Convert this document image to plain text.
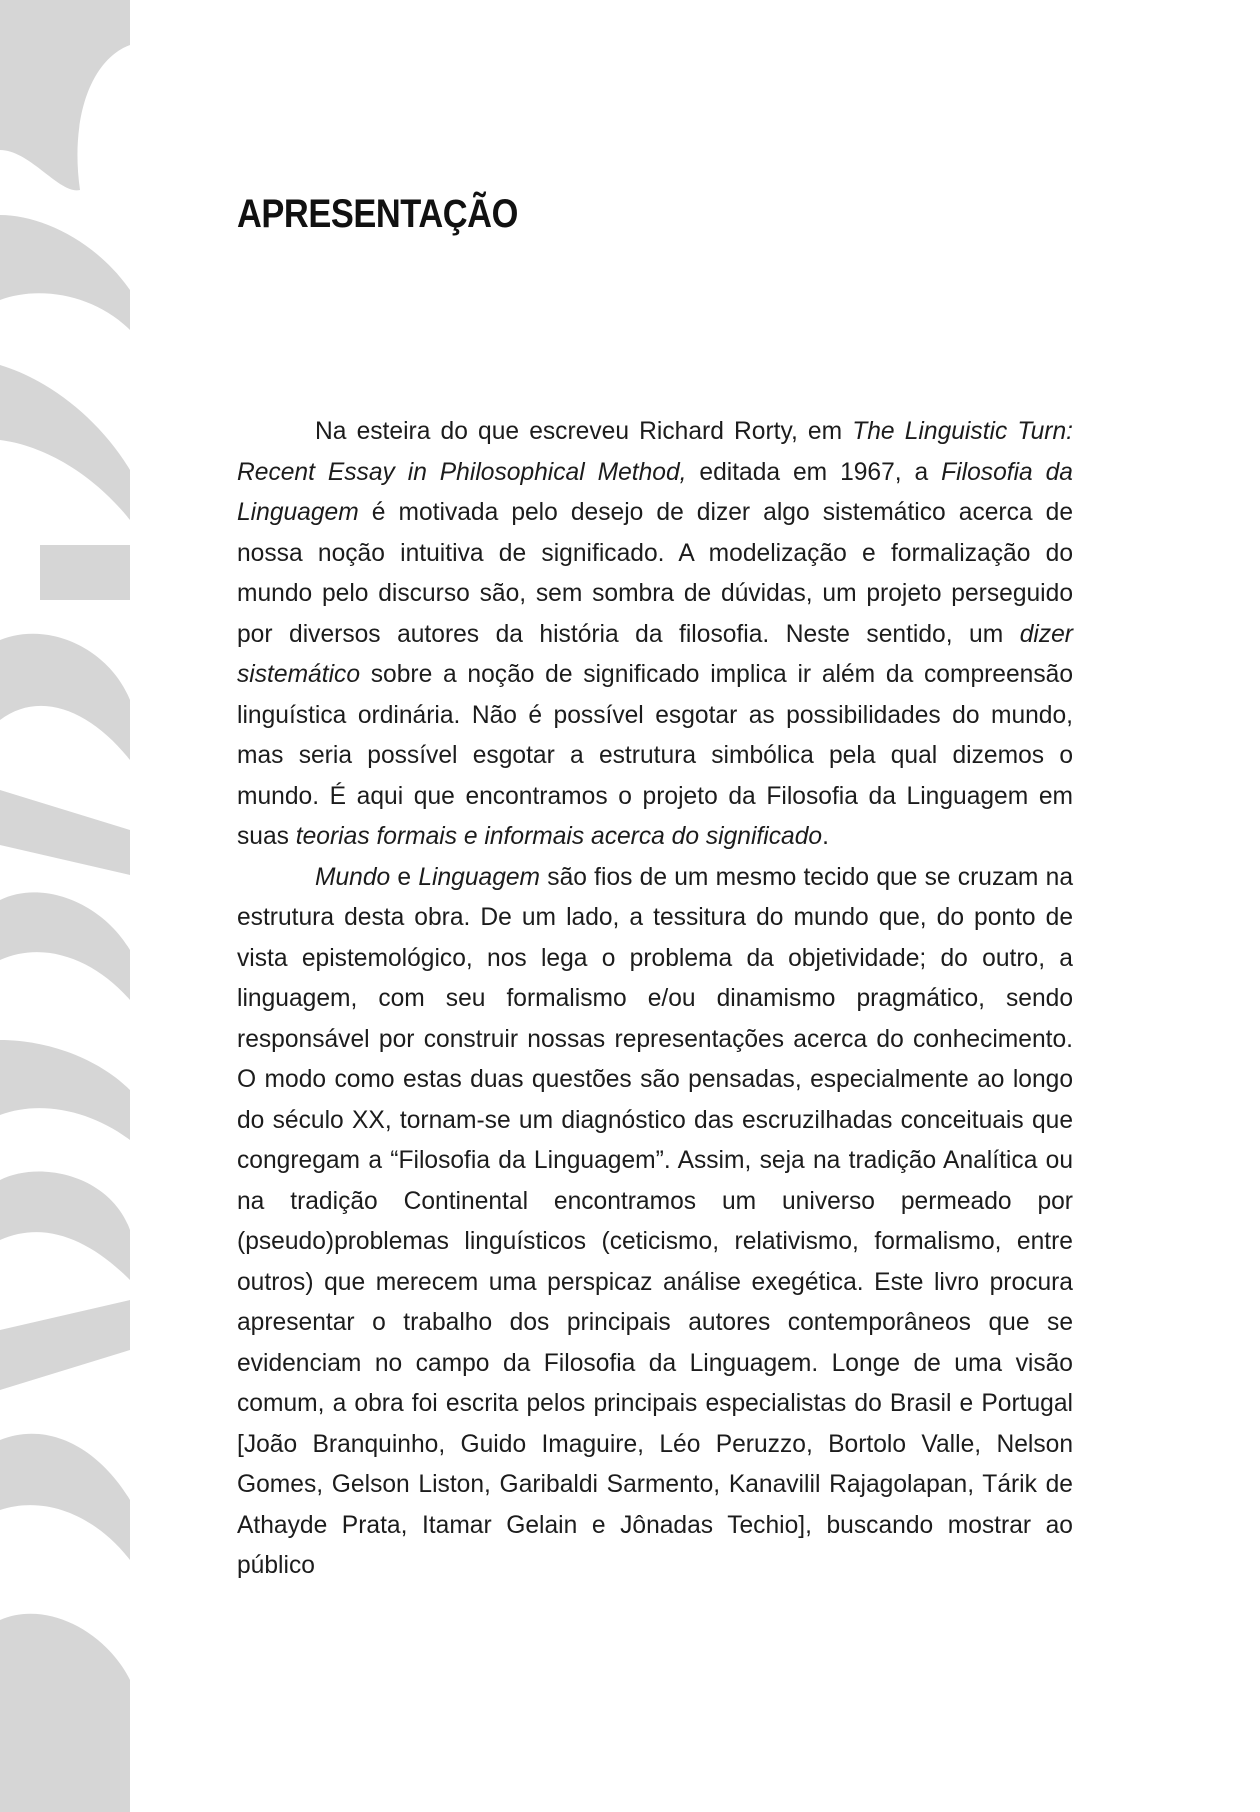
APRESENTAÇÃO

Na esteira do que escreveu Richard Rorty, em The Linguistic Turn: Recent Essay in Philosophical Method, editada em 1967, a Filosofia da Linguagem é motivada pelo desejo de dizer algo sistemático acerca de nossa noção intuitiva de significado. A modelização e formalização do mundo pelo discurso são, sem sombra de dúvidas, um projeto perseguido por diversos autores da história da filosofia. Neste sentido, um dizer sistemático sobre a noção de significado implica ir além da compreensão linguística ordinária. Não é possível esgotar as possibilidades do mundo, mas seria possível esgotar a estrutura simbólica pela qual dizemos o mundo. É aqui que encontramos o projeto da Filosofia da Linguagem em suas teorias formais e informais acerca do significado.

Mundo e Linguagem são fios de um mesmo tecido que se cruzam na estrutura desta obra. De um lado, a tessitura do mundo que, do ponto de vista epistemológico, nos lega o problema da objetividade; do outro, a linguagem, com seu formalismo e/ou dinamismo pragmático, sendo responsável por construir nossas representações acerca do conhecimento. O modo como estas duas questões são pensadas, especialmente ao longo do século XX, tornam-se um diagnóstico das escruzilhadas conceituais que congregam a “Filosofia da Linguagem”. Assim, seja na tradição Analítica ou na tradição Continental encontramos um universo permeado por (pseudo)problemas linguísticos (ceticismo, relativismo, formalismo, entre outros) que merecem uma perspicaz análise exegética. Este livro procura apresentar o trabalho dos principais autores contemporâneos que se evidenciam no campo da Filosofia da Linguagem. Longe de uma visão comum, a obra foi escrita pelos principais especialistas do Brasil e Portugal [João Branquinho, Guido Imaguire, Léo Peruzzo, Bortolo Valle, Nelson Gomes, Gelson Liston, Garibaldi Sarmento, Kanavilil Rajagolapan, Tárik de Athayde Prata, Itamar Gelain e Jônadas Techio], buscando mostrar ao público
